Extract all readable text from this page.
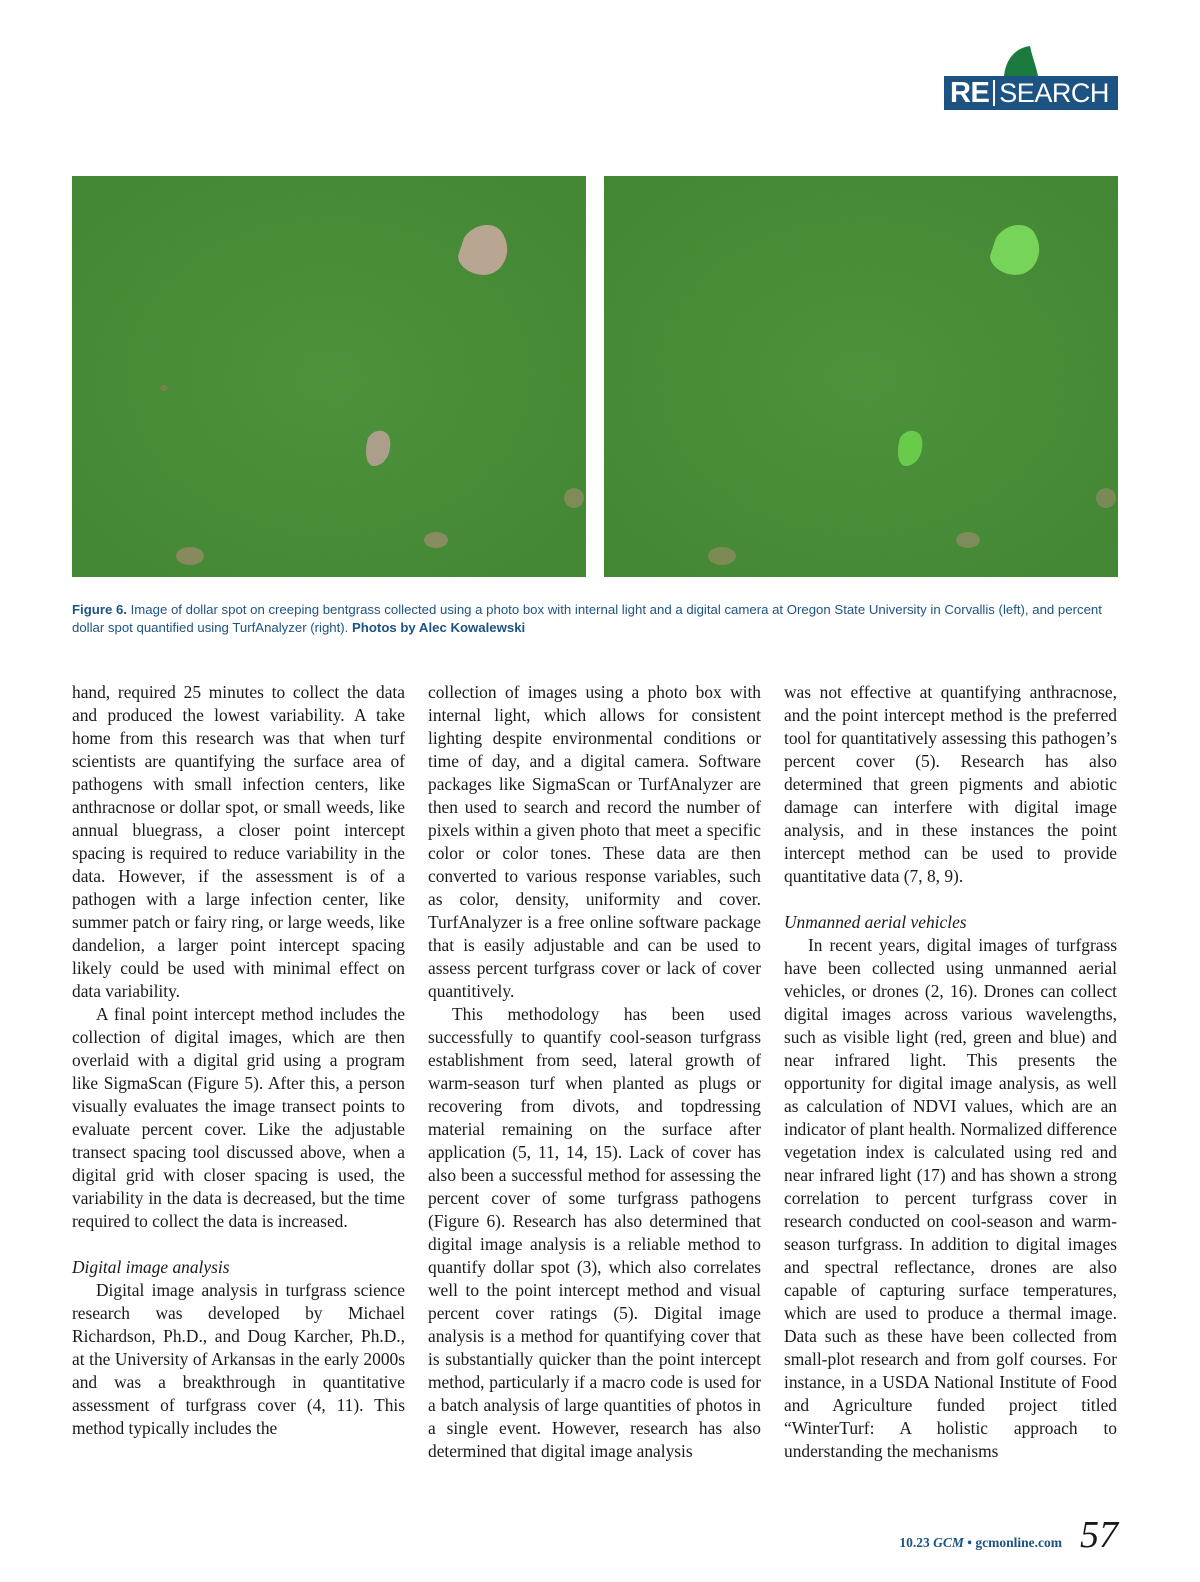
RE SEARCH
Figure 6. Image of dollar spot on creeping bentgrass collected using a photo box with internal light and a digital camera at Oregon State University in Corvallis (left), and percent dollar spot quantified using TurfAnalyzer (right). Photos by Alec Kowalewski

hand, required 25 minutes to collect the data and produced the lowest variability. A take home from this research was that when turf scientists are quantifying the surface area of pathogens with small infection centers, like anthracnose or dollar spot, or small weeds, like annual bluegrass, a closer point intercept spacing is required to reduce variability in the data. However, if the assessment is of a pathogen with a large infection center, like summer patch or fairy ring, or large weeds, like dandelion, a larger point intercept spacing likely could be used with minimal effect on data variability.

A final point intercept method includes the collection of digital images, which are then overlaid with a digital grid using a program like SigmaScan (Figure 5). After this, a person visually evaluates the image transect points to evaluate percent cover. Like the adjustable transect spacing tool discussed above, when a digital grid with closer spacing is used, the variability in the data is decreased, but the time required to collect the data is increased.

Digital image analysis

Digital image analysis in turfgrass science research was developed by Michael Richardson, Ph.D., and Doug Karcher, Ph.D., at the University of Arkansas in the early 2000s and was a breakthrough in quantitative assessment of turfgrass cover (4, 11). This method typically includes the

collection of images using a photo box with internal light, which allows for consistent lighting despite environmental conditions or time of day, and a digital camera. Software packages like SigmaScan or TurfAnalyzer are then used to search and record the number of pixels within a given photo that meet a specific color or color tones. These data are then converted to various response variables, such as color, density, uniformity and cover. TurfAnalyzer is a free online software package that is easily adjustable and can be used to assess percent turfgrass cover or lack of cover quantitively.

This methodology has been used successfully to quantify cool-season turfgrass establishment from seed, lateral growth of warm-season turf when planted as plugs or recovering from divots, and topdressing material remaining on the surface after application (5, 11, 14, 15). Lack of cover has also been a successful method for assessing the percent cover of some turfgrass pathogens (Figure 6). Research has also determined that digital image analysis is a reliable method to quantify dollar spot (3), which also correlates well to the point intercept method and visual percent cover ratings (5). Digital image analysis is a method for quantifying cover that is substantially quicker than the point intercept method, particularly if a macro code is used for a batch analysis of large quantities of photos in a single event. However, research has also determined that digital image analysis

was not effective at quantifying anthracnose, and the point intercept method is the preferred tool for quantitatively assessing this pathogen’s percent cover (5). Research has also determined that green pigments and abiotic damage can interfere with digital image analysis, and in these instances the point intercept method can be used to provide quantitative data (7, 8, 9).

Unmanned aerial vehicles

In recent years, digital images of turfgrass have been collected using unmanned aerial vehicles, or drones (2, 16). Drones can collect digital images across various wavelengths, such as visible light (red, green and blue) and near infrared light. This presents the opportunity for digital image analysis, as well as calculation of NDVI values, which are an indicator of plant health. Normalized difference vegetation index is calculated using red and near infrared light (17) and has shown a strong correlation to percent turfgrass cover in research conducted on cool-season and warm-season turfgrass. In addition to digital images and spectral reflectance, drones are also capable of capturing surface temperatures, which are used to produce a thermal image. Data such as these have been collected from small-plot research and from golf courses. For instance, in a USDA National Institute of Food and Agriculture funded project titled “WinterTurf: A holistic approach to understanding the mechanisms

10.23 GCM • gcmonline.com 57
